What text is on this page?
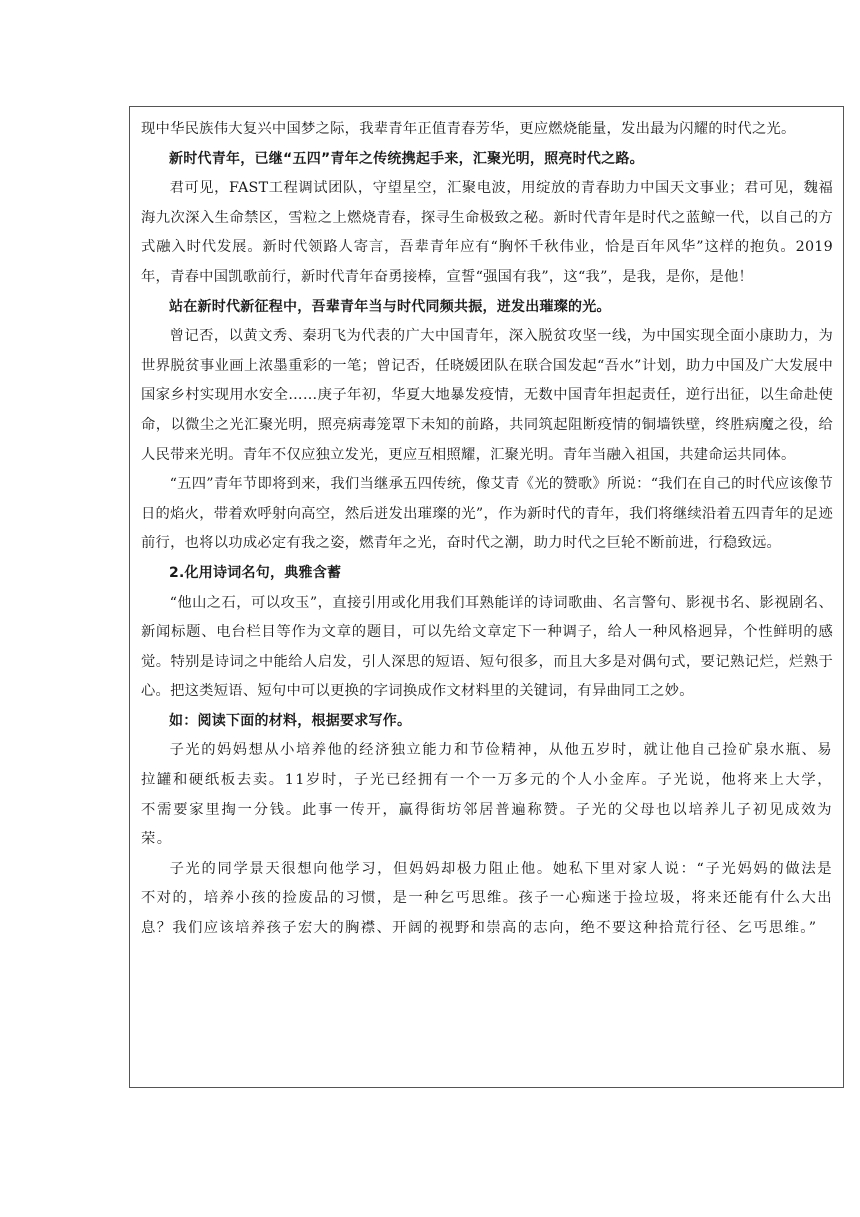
现中华民族伟大复兴中国梦之际，我辈青年正值青春芳华，更应燃烧能量，发出最为闪耀的时代之光。

新时代青年，已继“五四”青年之传统携起手来，汇聚光明，照亮时代之路。

君可见，FAST工程调试团队，守望星空，汇聚电波，用绽放的青春助力中国天文事业；君可见，魏福海九次深入生命禁区，雪粒之上燃烧青春，探寻生命极致之秘。新时代青年是时代之蓝鲸一代，以自己的方式融入时代发展。新时代领路人寄言，吾辈青年应有“胸怀千秋伟业，恰是百年风华”这样的抱负。2019年，青春中国凯歌前行，新时代青年奋勇接棒，宣誓“强国有我”，这“我”，是我，是你，是他！

站在新时代新征程中，吾辈青年当与时代同频共振，迸发出璀璨的光。

曾记否，以黄文秀、秦玥飞为代表的广大中国青年，深入脱贫攻坚一线，为中国实现全面小康助力，为世界脱贫事业画上浓墨重彩的一笔；曾记否，任晓媛团队在联合国发起“吾水”计划，助力中国及广大发展中国家乡村实现用水安全……庚子年初，华夏大地暴发疫情，无数中国青年担起责任，逆行出征，以生命赴使命，以微尘之光汇聚光明，照亮病毒笼罩下未知的前路，共同筑起阻断疫情的铜墙铁壁，终胜病魔之役，给人民带来光明。青年不仅应独立发光，更应互相照耀，汇聚光明。青年当融入祖国，共建命运共同体。

“五四”青年节即将到来，我们当继承五四传统，像艾青《光的赞歌》所说：“我们在自己的时代应该像节日的焰火，带着欢呼射向高空，然后迸发出璀璨的光”，作为新时代的青年，我们将继续沿着五四青年的足迹前行，也将以功成必定有我之姿，燃青年之光，奋时代之潮，助力时代之巨轮不断前进，行稳致远。

2.化用诗词名句，典雅含蓄

“他山之石，可以攻玉”，直接引用或化用我们耳熟能详的诗词歌曲、名言警句、影视书名、影视剧名、新闻标题、电台栏目等作为文章的题目，可以先给文章定下一种调子，给人一种风格迥异，个性鲜明的感觉。特别是诗词之中能给人启发，引人深思的短语、短句很多，而且大多是对偶句式，要记熟记烂，烂熟于心。把这类短语、短句中可以更换的字词换成作文材料里的关键词，有异曲同工之妙。

如：阅读下面的材料，根据要求写作。

子光的妈妈想从小培养他的经济独立能力和节俭精神，从他五岁时，就让他自己捡矿泉水瓶、易拉罐和硬纸板去卖。11岁时，子光已经拥有一个一万多元的个人小金库。子光说，他将来上大学，不需要家里掏一分钱。此事一传开，赢得街坊邻居普遍称赞。子光的父母也以培养儿子初见成效为荣。

子光的同学景天很想向他学习，但妈妈却极力阻止他。她私下里对家人说：“子光妈妈的做法是不对的，培养小孩的捡废品的习惯，是一种乞丐思维。孩子一心痴迷于捡垃圾，将来还能有什么大出息？我们应该培养孩子宏大的胸襟、开阔的视野和崇高的志向，绝不要这种拾荒行径、乞丐思维。”
